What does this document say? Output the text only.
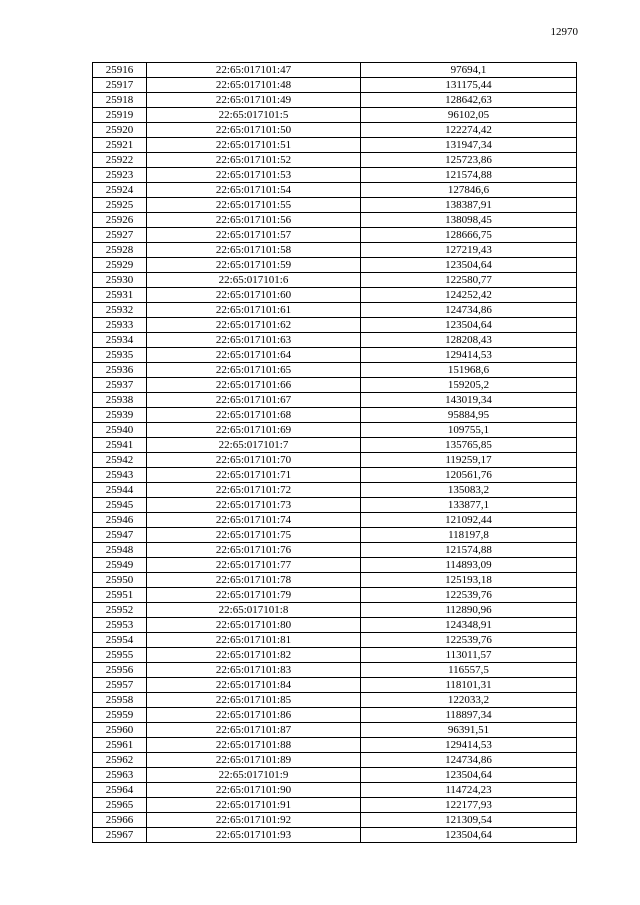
12970
25916	22:65:017101:47	97694,1
25917	22:65:017101:48	131175,44
25918	22:65:017101:49	128642,63
25919	22:65:017101:5	96102,05
25920	22:65:017101:50	122274,42
25921	22:65:017101:51	131947,34
25922	22:65:017101:52	125723,86
25923	22:65:017101:53	121574,88
25924	22:65:017101:54	127846,6
25925	22:65:017101:55	138387,91
25926	22:65:017101:56	138098,45
25927	22:65:017101:57	128666,75
25928	22:65:017101:58	127219,43
25929	22:65:017101:59	123504,64
25930	22:65:017101:6	122580,77
25931	22:65:017101:60	124252,42
25932	22:65:017101:61	124734,86
25933	22:65:017101:62	123504,64
25934	22:65:017101:63	128208,43
25935	22:65:017101:64	129414,53
25936	22:65:017101:65	151968,6
25937	22:65:017101:66	159205,2
25938	22:65:017101:67	143019,34
25939	22:65:017101:68	95884,95
25940	22:65:017101:69	109755,1
25941	22:65:017101:7	135765,85
25942	22:65:017101:70	119259,17
25943	22:65:017101:71	120561,76
25944	22:65:017101:72	135083,2
25945	22:65:017101:73	133877,1
25946	22:65:017101:74	121092,44
25947	22:65:017101:75	118197,8
25948	22:65:017101:76	121574,88
25949	22:65:017101:77	114893,09
25950	22:65:017101:78	125193,18
25951	22:65:017101:79	122539,76
25952	22:65:017101:8	112890,96
25953	22:65:017101:80	124348,91
25954	22:65:017101:81	122539,76
25955	22:65:017101:82	113011,57
25956	22:65:017101:83	116557,5
25957	22:65:017101:84	118101,31
25958	22:65:017101:85	122033,2
25959	22:65:017101:86	118897,34
25960	22:65:017101:87	96391,51
25961	22:65:017101:88	129414,53
25962	22:65:017101:89	124734,86
25963	22:65:017101:9	123504,64
25964	22:65:017101:90	114724,23
25965	22:65:017101:91	122177,93
25966	22:65:017101:92	121309,54
25967	22:65:017101:93	123504,64
